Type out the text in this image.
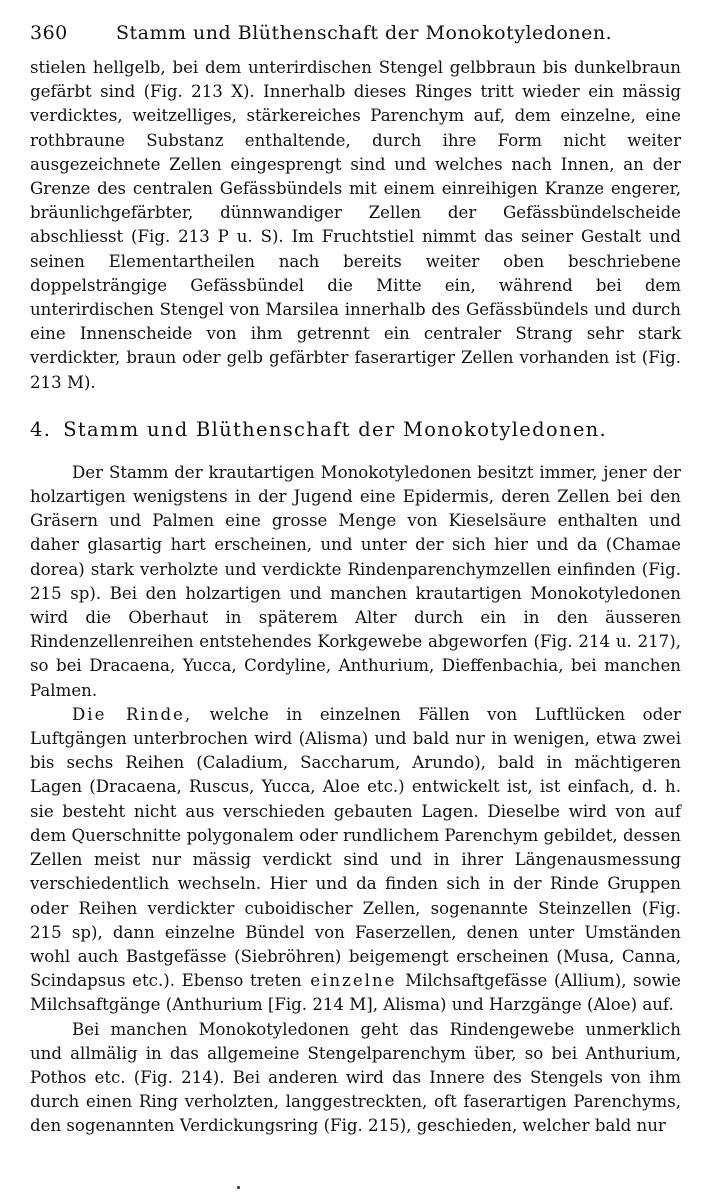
360	Stamm und Blüthenschaft der Monokotyledonen.

stielen hellgelb, bei dem unterirdischen Stengel gelbbraun bis dunkelbraun gefärbt sind (Fig. 213 X). Innerhalb dieses Ringes tritt wieder ein mässig verdicktes, weitzelliges, stärkereiches Parenchym auf, dem einzelne, eine rothbraune Substanz enthaltende, durch ihre Form nicht weiter ausgezeichnete Zellen eingesprengt sind und welches nach Innen, an der Grenze des centralen Gefässbündels mit einem einreihigen Kranze engerer, bräunlichgefärbter, dünnwandiger Zellen der Gefässbündelscheide abschliesst (Fig. 213 P u. S). Im Fruchtstiel nimmt das seiner Gestalt und seinen Elementartheilen nach bereits weiter oben beschriebene doppelsträngige Gefässbündel die Mitte ein, während bei dem unterirdischen Stengel von Marsilea innerhalb des Gefässbündels und durch eine Innenscheide von ihm getrennt ein centraler Strang sehr stark verdickter, braun oder gelb gefärbter faserartiger Zellen vorhanden ist (Fig. 213 M).

4. Stamm und Blüthenschaft der Monokotyledonen.

Der Stamm der krautartigen Monokotyledonen besitzt immer, jener der holzartigen wenigstens in der Jugend eine Epidermis, deren Zellen bei den Gräsern und Palmen eine grosse Menge von Kieselsäure enthalten und daher glasartig hart erscheinen, und unter der sich hier und da (Chamae dorea) stark verholzte und verdickte Rindenparenchymzellen einfinden (Fig. 215 sp). Bei den holzartigen und manchen krautartigen Monokotyledonen wird die Oberhaut in späterem Alter durch ein in den äusseren Rindenzellenreihen entstehendes Korkgewebe abgeworfen (Fig. 214 u. 217), so bei Dracaena, Yucca, Cordyline, Anthurium, Dieffenbachia, bei manchen Palmen.

Die Rinde, welche in einzelnen Fällen von Luftlücken oder Luftgängen unterbrochen wird (Alisma) und bald nur in wenigen, etwa zwei bis sechs Reihen (Caladium, Saccharum, Arundo), bald in mächtigeren Lagen (Dracaena, Ruscus, Yucca, Aloe etc.) entwickelt ist, ist einfach, d. h. sie besteht nicht aus verschieden gebauten Lagen. Dieselbe wird von auf dem Querschnitte polygonalem oder rundlichem Parenchym gebildet, dessen Zellen meist nur mässig verdickt sind und in ihrer Längenausmessung verschiedentlich wechseln. Hier und da finden sich in der Rinde Gruppen oder Reihen verdickter cuboidischer Zellen, sogenannte Steinzellen (Fig. 215 sp), dann einzelne Bündel von Faserzellen, denen unter Umständen wohl auch Bastgefässe (Siebröhren) beigemengt erscheinen (Musa, Canna, Scindapsus etc.). Ebenso treten einzelne Milchsaftgefässe (Allium), sowie Milchsaftgänge (Anthurium [Fig. 214 M], Alisma) und Harzgänge (Aloe) auf.

Bei manchen Monokotyledonen geht das Rindengewebe unmerklich und allmälig in das allgemeine Stengelparenchym über, so bei Anthurium, Pothos etc. (Fig. 214). Bei anderen wird das Innere des Stengels von ihm durch einen Ring verholzten, langgestreckten, oft faserartigen Parenchyms, den sogenannten Verdickungsring (Fig. 215), geschieden, welcher bald nur
